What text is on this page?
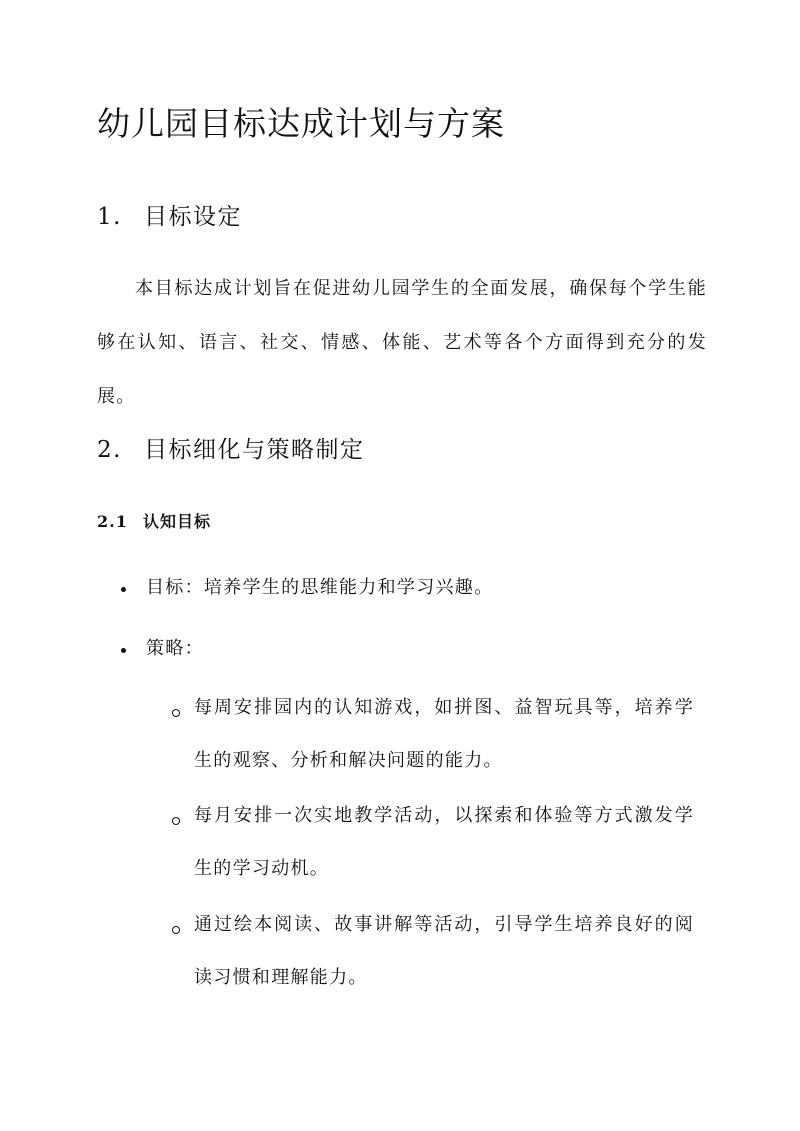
幼儿园目标达成计划与方案
1. 目标设定
本目标达成计划旨在促进幼儿园学生的全面发展，确保每个学生能够在认知、语言、社交、情感、体能、艺术等各个方面得到充分的发展。
2. 目标细化与策略制定
2.1 认知目标
目标：培养学生的思维能力和学习兴趣。
策略：
每周安排园内的认知游戏，如拼图、益智玩具等，培养学生的观察、分析和解决问题的能力。
每月安排一次实地教学活动，以探索和体验等方式激发学生的学习动机。
通过绘本阅读、故事讲解等活动，引导学生培养良好的阅读习惯和理解能力。
